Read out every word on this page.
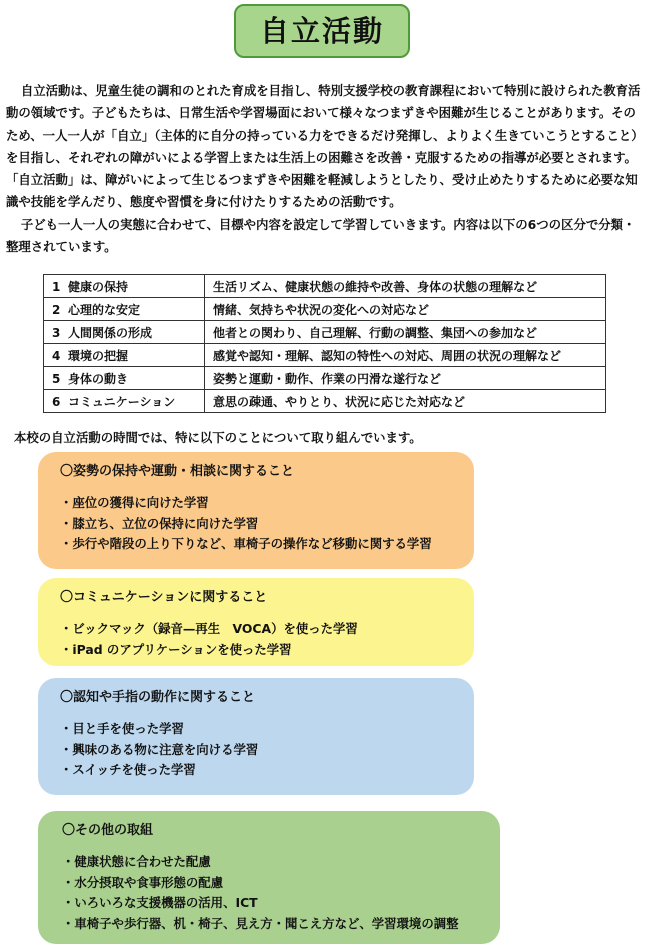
自立活動

自立活動は、児童生徒の調和のとれた育成を目指し、特別支援学校の教育課程において特別に設けられた教育活動の領域です。子どもたちは、日常生活や学習場面において様々なつまずきや困難が生じることがあります。そのため、一人一人が「自立」（主体的に自分の持っている力をできるだけ発揮し、よりよく生きていこうとすること）を目指し、それぞれの障がいによる学習上または生活上の困難さを改善・克服するための指導が必要とされます。「自立活動」は、障がいによって生じるつまずきや困難を軽減しようとしたり、受け止めたりするために必要な知識や技能を学んだり、態度や習慣を身に付けたりするための活動です。

子ども一人一人の実態に合わせて、目標や内容を設定して学習していきます。内容は以下の6つの区分で分類・整理されています。

1 健康の保持	生活リズム、健康状態の維持や改善、身体の状態の理解など
2 心理的な安定	情緒、気持ちや状況の変化への対応など
3 人間関係の形成	他者との関わり、自己理解、行動の調整、集団への参加など
4 環境の把握	感覚や認知・理解、認知の特性への対応、周囲の状況の理解など
5 身体の動き	姿勢と運動・動作、作業の円滑な遂行など
6 コミュニケーション	意思の疎通、やりとり、状況に応じた対応など
本校の自立活動の時間では、特に以下のことについて取り組んでいます。
〇姿勢の保持や運動・相談に関すること
・座位の獲得に向けた学習
・膝立ち、立位の保持に向けた学習
・歩行や階段の上り下りなど、車椅子の操作など移動に関する学習
〇コミュニケーションに関すること
・ビックマック（録音—再生　VOCA）を使った学習
・iPad のアプリケーションを使った学習
〇認知や手指の動作に関すること
・目と手を使った学習
・興味のある物に注意を向ける学習
・スイッチを使った学習
〇その他の取組
・健康状態に合わせた配慮
・水分摂取や食事形態の配慮
・いろいろな支援機器の活用、ICT
・車椅子や歩行器、机・椅子、見え方・聞こえ方など、学習環境の調整
